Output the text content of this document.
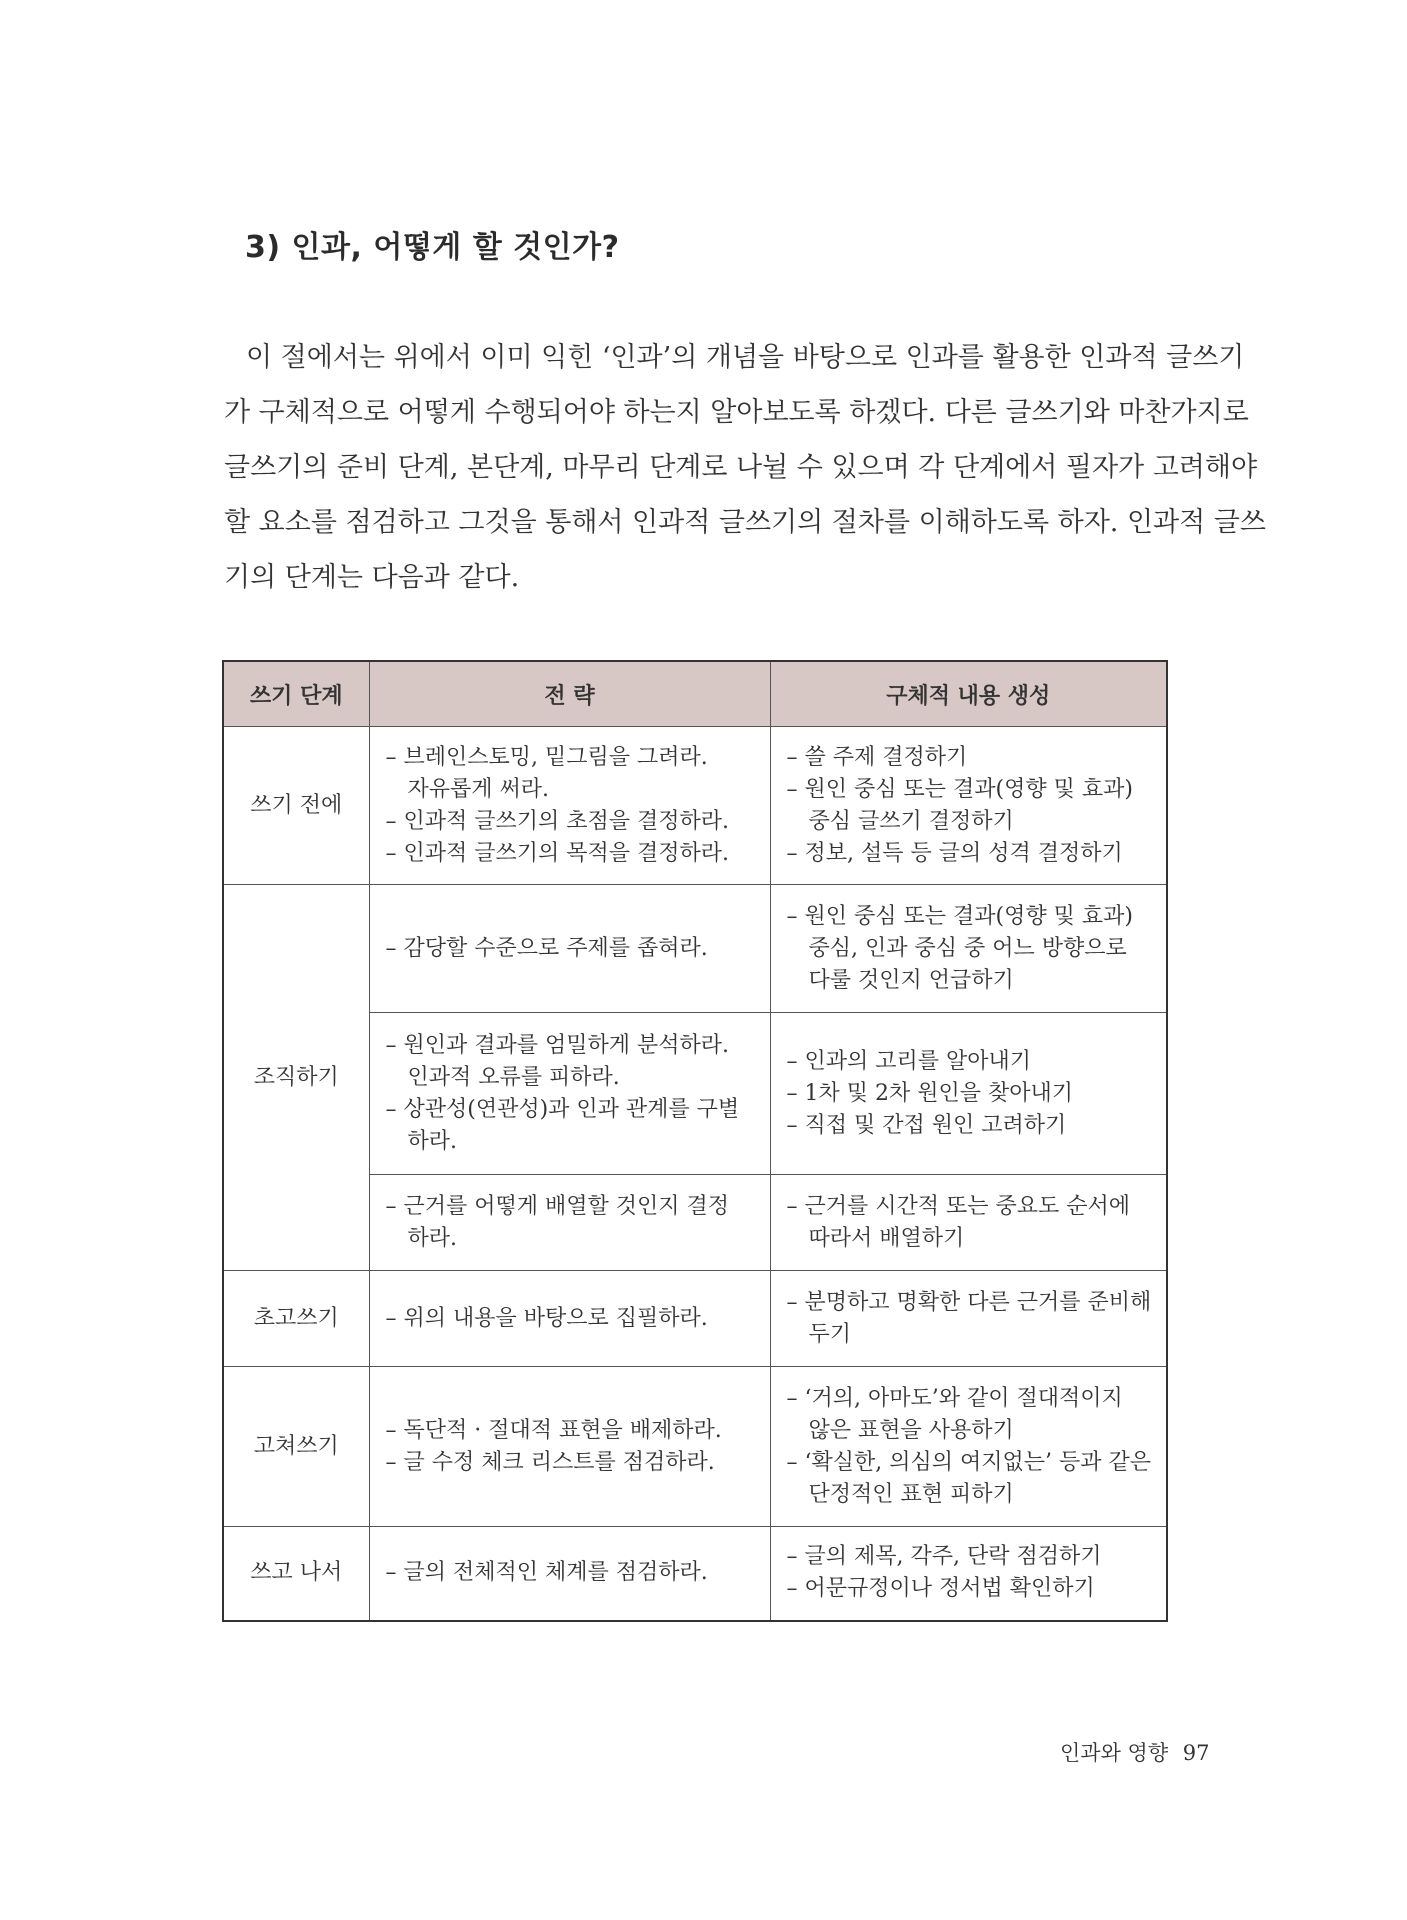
3) 인과, 어떻게 할 것인가?
이 절에서는 위에서 이미 익힌 ‘인과’의 개념을 바탕으로 인과를 활용한 인과적 글쓰기
가 구체적으로 어떻게 수행되어야 하는지 알아보도록 하겠다. 다른 글쓰기와 마찬가지로
글쓰기의 준비 단계, 본단계, 마무리 단계로 나뉠 수 있으며 각 단계에서 필자가 고려해야
할 요소를 점검하고 그것을 통해서 인과적 글쓰기의 절차를 이해하도록 하자. 인과적 글쓰
기의 단계는 다음과 같다.
쓰기 단계	전 략	구체적 내용 생성
쓰기 전에	– 브레인스토밍, 밑그림을 그려라.
자유롭게 써라.
– 인과적 글쓰기의 초점을 결정하라.
– 인과적 글쓰기의 목적을 결정하라.	– 쓸 주제 결정하기
– 원인 중심 또는 결과(영향 및 효과)
중심 글쓰기 결정하기
– 정보, 설득 등 글의 성격 결정하기

조직하기	– 감당할 수준으로 주제를 좁혀라.	– 원인 중심 또는 결과(영향 및 효과)
중심, 인과 중심 중 어느 방향으로
다룰 것인지 언급하기

	– 원인과 결과를 엄밀하게 분석하라.
인과적 오류를 피하라.
– 상관성(연관성)과 인과 관계를 구별
하라.	– 인과의 고리를 알아내기
– 1차 및 2차 원인을 찾아내기
– 직접 및 간접 원인 고려하기

	– 근거를 어떻게 배열할 것인지 결정
하라.	– 근거를 시간적 또는 중요도 순서에
따라서 배열하기

초고쓰기	– 위의 내용을 바탕으로 집필하라.	– 분명하고 명확한 다른 근거를 준비해
두기

고쳐쓰기	– 독단적 · 절대적 표현을 배제하라.
– 글 수정 체크 리스트를 점검하라.	– ‘거의, 아마도’와 같이 절대적이지
않은 표현을 사용하기
– ‘확실한, 의심의 여지없는’ 등과 같은
단정적인 표현 피하기

쓰고 나서	– 글의 전체적인 체계를 점검하라.	– 글의 제목, 각주, 단락 점검하기
– 어문규정이나 정서법 확인하기
인과와 영향 97
